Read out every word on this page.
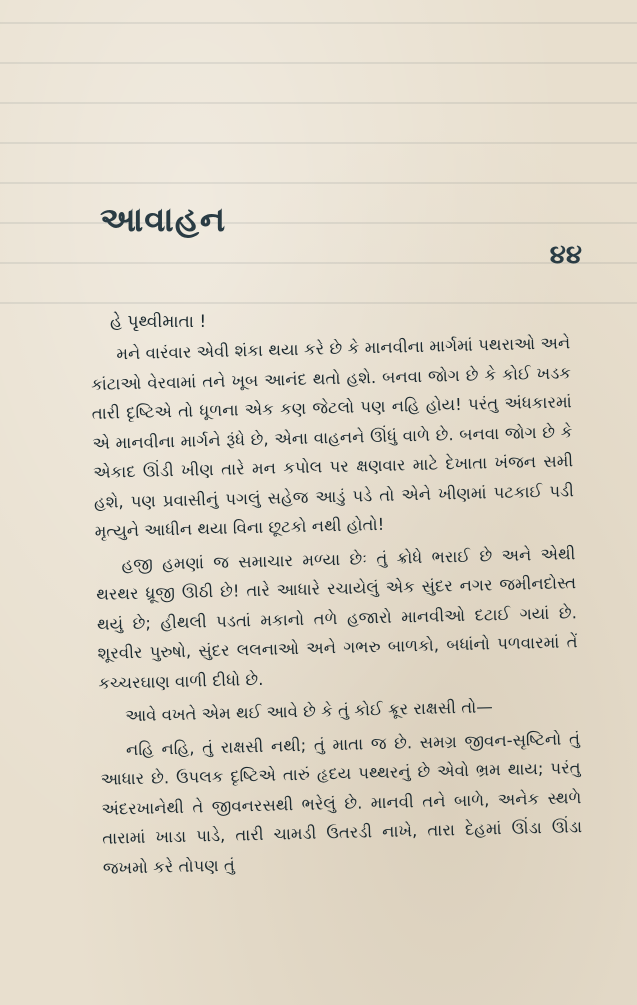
આવાહન
૪૪
હે પૃથ્વીમાતા !

મને વારંવાર એવી શંકા થયા કરે છે કે માનવીના માર્ગમાં પથરાઓ અને કાંટાઓ વેરવામાં તને ખૂબ આનંદ થતો હશે. બનવા જોગ છે કે કોઈ ખડક તારી દૃષ્ટિએ તો ધૂળના એક કણ જેટલો પણ નહિ હોય! પરંતુ અંધકારમાં એ માનવીના માર્ગને રૂંધે છે, એના વાહનને ઊંધું વાળે છે. બનવા જોગ છે કે એકાદ ઊંડી ખીણ તારે મન કપોલ પર ક્ષણવાર માટે દેખાતા ખંજન સમી હશે, પણ પ્રવાસીનું પગલું સહેજ આડું પડે તો એને ખીણમાં પટકાઈ પડી મૃત્યુને આધીન થયા વિના છૂટકો નથી હોતો!

હજી હમણાં જ સમાચાર મળ્યા છેઃ તું ક્રોધે ભરાઈ છે અને એથી થરથર ધ્રૂજી ઊઠી છે! તારે આધારે રચાયેલું એક સુંદર નગર જમીનદોસ્ત થયું છે; હીથલી પડતાં મકાનો તળે હજારો માનવીઓ દટાઈ ગયાં છે. શૂરવીર પુરુષો, સુંદર લલનાઓ અને ગભરુ બાળકો, બધાંનો પળવારમાં તેં કચ્ચરઘાણ વાળી દીધો છે.

આવે વખતે એમ થઈ આવે છે કે તું કોઈ ક્રૂર રાક્ષસી તો—

નહિ નહિ, તું રાક્ષસી નથી; તું માતા જ છે. સમગ્ર જીવન-સૃષ્ટિનો તું આધાર છે. ઉપલક દૃષ્ટિએ તારું હૃદય પથ્થરનું છે એવો ભ્રમ થાય; પરંતુ અંદરખાનેથી તે જીવનરસથી ભરેલું છે. માનવી તને બાળે, અનેક સ્થળે તારામાં ખાડા પાડે, તારી ચામડી ઉતરડી નાખે, તારા દેહમાં ઊંડા ઊંડા જખમો કરે તોપણ તું
